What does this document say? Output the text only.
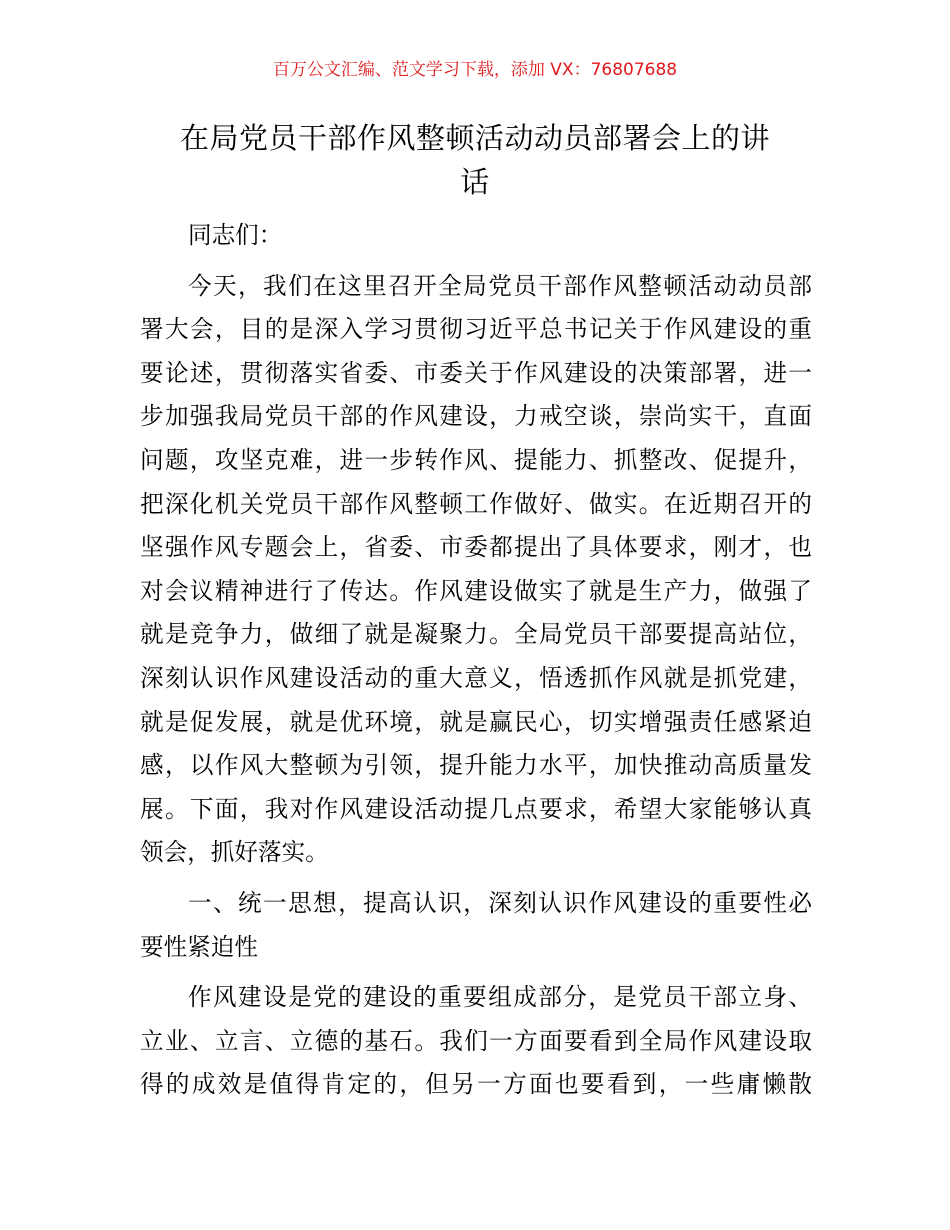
百万公文汇编、范文学习下载，添加 VX：76807688
在局党员干部作风整顿活动动员部署会上的讲
话

同志们：

今天，我们在这里召开全局党员干部作风整顿活动动员部
署大会，目的是深入学习贯彻习近平总书记关于作风建设的重
要论述，贯彻落实省委、市委关于作风建设的决策部署，进一
步加强我局党员干部的作风建设，力戒空谈，崇尚实干，直面
问题，攻坚克难，进一步转作风、提能力、抓整改、促提升，
把深化机关党员干部作风整顿工作做好、做实。在近期召开的
坚强作风专题会上，省委、市委都提出了具体要求，刚才，也
对会议精神进行了传达。作风建设做实了就是生产力，做强了
就是竞争力，做细了就是凝聚力。全局党员干部要提高站位，
深刻认识作风建设活动的重大意义，悟透抓作风就是抓党建，
就是促发展，就是优环境，就是赢民心，切实增强责任感紧迫
感，以作风大整顿为引领，提升能力水平，加快推动高质量发
展。下面，我对作风建设活动提几点要求，希望大家能够认真
领会，抓好落实。
一、统一思想，提高认识，深刻认识作风建设的重要性必
要性紧迫性
作风建设是党的建设的重要组成部分，是党员干部立身、
立业、立言、立德的基石。我们一方面要看到全局作风建设取
得的成效是值得肯定的，但另一方面也要看到，一些庸懒散
